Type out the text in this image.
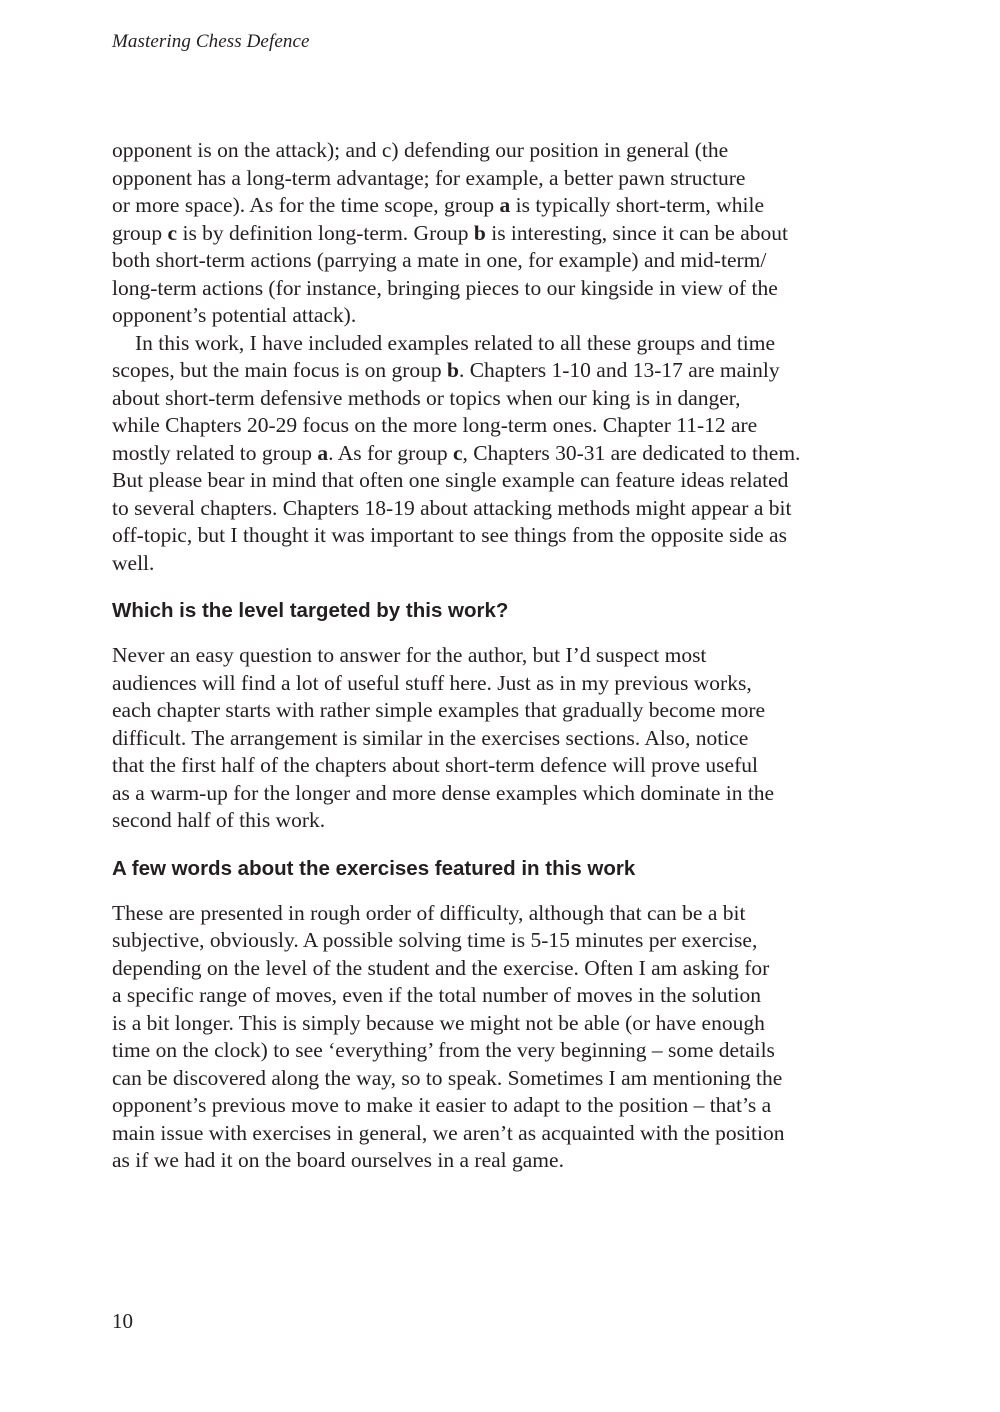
Mastering Chess Defence
opponent is on the attack); and c) defending our position in general (the
opponent has a long-term advantage; for example, a better pawn structure
or more space). As for the time scope, group a is typically short-term, while
group c is by definition long-term. Group b is interesting, since it can be about
both short-term actions (parrying a mate in one, for example) and mid-term/
long-term actions (for instance, bringing pieces to our kingside in view of the
opponent’s potential attack).
In this work, I have included examples related to all these groups and time
scopes, but the main focus is on group b. Chapters 1-10 and 13-17 are mainly
about short-term defensive methods or topics when our king is in danger,
while Chapters 20-29 focus on the more long-term ones. Chapter 11-12 are
mostly related to group a. As for group c, Chapters 30-31 are dedicated to them.
But please bear in mind that often one single example can feature ideas related
to several chapters. Chapters 18-19 about attacking methods might appear a bit
off-topic, but I thought it was important to see things from the opposite side as
well.
Which is the level targeted by this work?
Never an easy question to answer for the author, but I’d suspect most
audiences will find a lot of useful stuff here. Just as in my previous works,
each chapter starts with rather simple examples that gradually become more
difficult. The arrangement is similar in the exercises sections. Also, notice
that the first half of the chapters about short-term defence will prove useful
as a warm-up for the longer and more dense examples which dominate in the
second half of this work.
A few words about the exercises featured in this work
These are presented in rough order of difficulty, although that can be a bit
subjective, obviously. A possible solving time is 5-15 minutes per exercise,
depending on the level of the student and the exercise. Often I am asking for
a specific range of moves, even if the total number of moves in the solution
is a bit longer. This is simply because we might not be able (or have enough
time on the clock) to see ‘everything’ from the very beginning – some details
can be discovered along the way, so to speak. Sometimes I am mentioning the
opponent’s previous move to make it easier to adapt to the position – that’s a
main issue with exercises in general, we aren’t as acquainted with the position
as if we had it on the board ourselves in a real game.
10
